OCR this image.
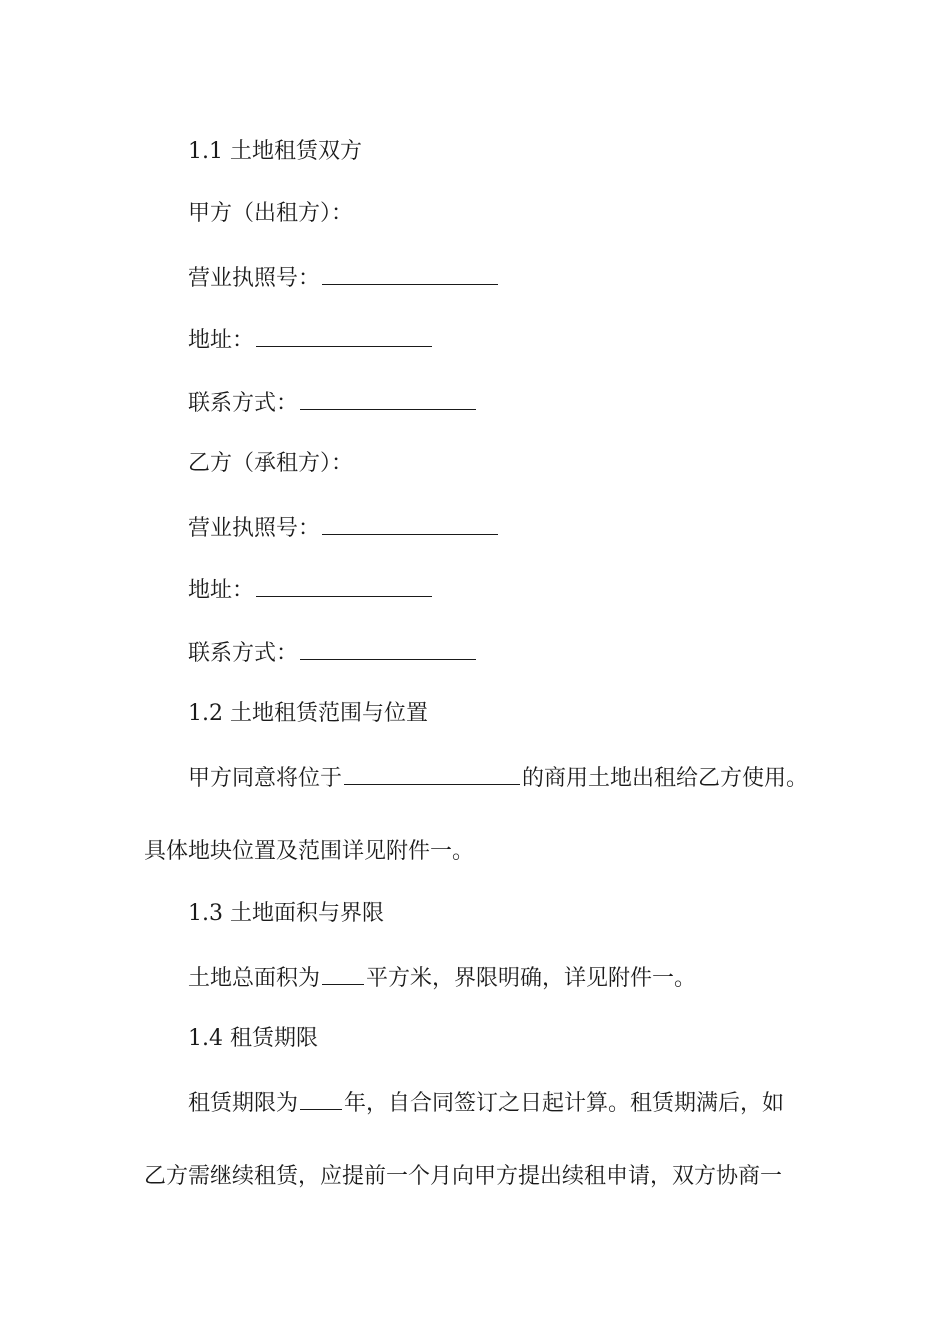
1.1 土地租赁双方
甲方（出租方）：
营业执照号：
地址：
联系方式：
乙方（承租方）：
营业执照号：
地址：
联系方式：
1.2 土地租赁范围与位置
甲方同意将位于	的商用土地出租给乙方使用。
具体地块位置及范围详见附件一。
1.3 土地面积与界限
土地总面积为 平方米，界限明确，详见附件一。
1.4 租赁期限
租赁期限为 年，自合同签订之日起计算。租赁期满后，如
乙方需继续租赁，应提前一个月向甲方提出续租申请，双方协商一
